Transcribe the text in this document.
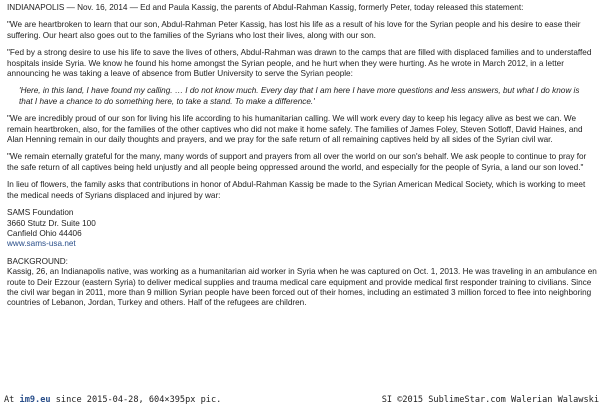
INDIANAPOLIS — Nov. 16, 2014 — Ed and Paula Kassig, the parents of Abdul-Rahman Kassig, formerly Peter, today released this statement:

"We are heartbroken to learn that our son, Abdul-Rahman Peter Kassig, has lost his life as a result of his love for the Syrian people and his desire to ease their suffering. Our heart also goes out to the families of the Syrians who lost their lives, along with our son.

"Fed by a strong desire to use his life to save the lives of others, Abdul-Rahman was drawn to the camps that are filled with displaced families and to understaffed hospitals inside Syria. We know he found his home amongst the Syrian people, and he hurt when they were hurting. As he wrote in March 2012, in a letter announcing he was taking a leave of absence from Butler University to serve the Syrian people:

'Here, in this land, I have found my calling. … I do not know much. Every day that I am here I have more questions and less answers, but what I do know is that I have a chance to do something here, to take a stand. To make a difference.'

"We are incredibly proud of our son for living his life according to his humanitarian calling. We will work every day to keep his legacy alive as best we can. We remain heartbroken, also, for the families of the other captives who did not make it home safely. The families of James Foley, Steven Sotloff, David Haines, and Alan Henning remain in our daily thoughts and prayers, and we pray for the safe return of all remaining captives held by all sides of the Syrian civil war.

"We remain eternally grateful for the many, many words of support and prayers from all over the world on our son's behalf. We ask people to continue to pray for the safe return of all captives being held unjustly and all people being oppressed around the world, and especially for the people of Syria, a land our son loved."

In lieu of flowers, the family asks that contributions in honor of Abdul-Rahman Kassig be made to the Syrian American Medical Society, which is working to meet the medical needs of Syrians displaced and injured by war:

SAMS Foundation
3660 Stutz Dr. Suite 100
Canfield Ohio 44406
www.sams-usa.net
BACKGROUND:

Kassig, 26, an Indianapolis native, was working as a humanitarian aid worker in Syria when he was captured on Oct. 1, 2013. He was traveling in an ambulance en route to Deir Ezzour (eastern Syria) to deliver medical supplies and trauma medical care equipment and provide medical first responder training to civilians. Since the civil war began in 2011, more than 9 million Syrian people have been forced out of their homes, including an estimated 3 million forced to flee into neighboring countries of Lebanon, Jordan, Turkey and others. Half of the refugees are children.

At im9.eu since 2015-04-28, 604×395px pic.	SI ©2015 SublimeStar.com Walerian Walawski
